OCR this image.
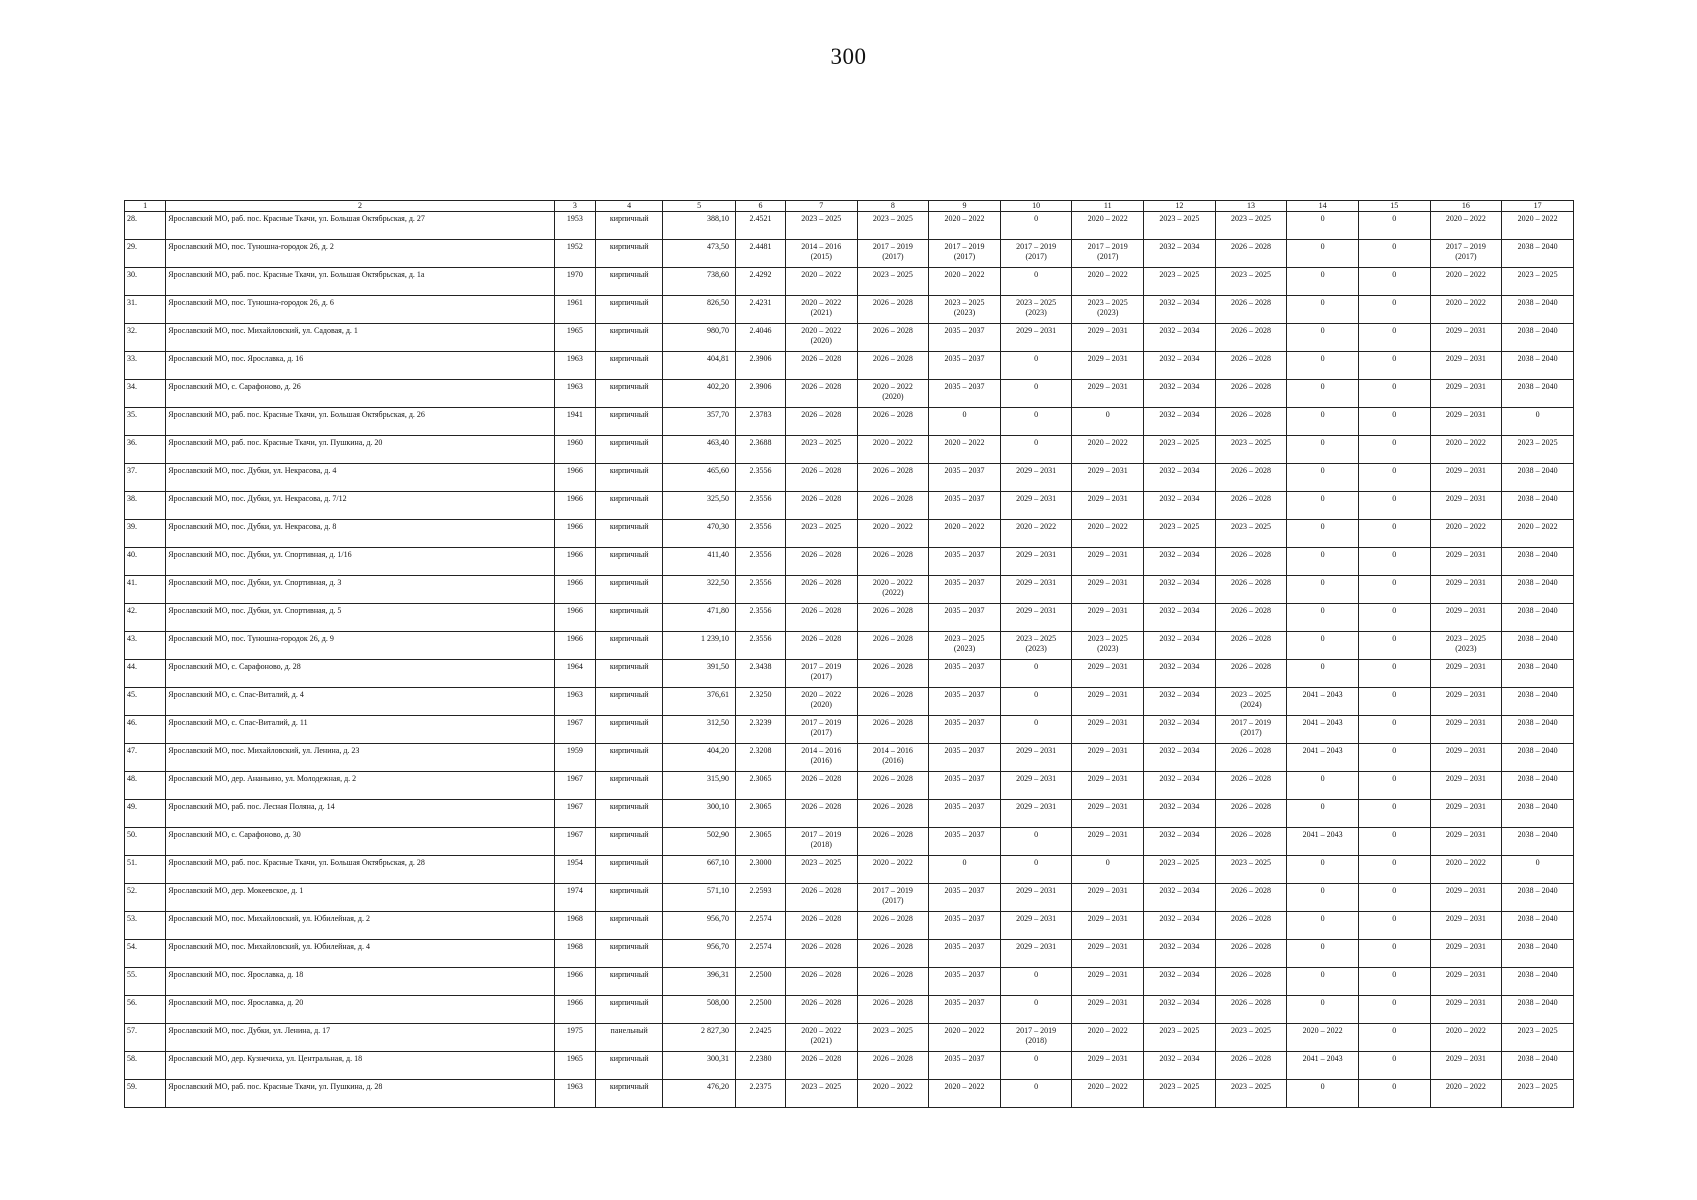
300
1	2	3	4	5	6	7	8	9	10	11	12	13	14	15	16	17
28.	Ярославский МО, раб. пос. Красные Ткачи, ул. Большая Октябрьская, д. 27	1953	кирпичный	388,10	2.4521	2023 – 2025	2023 – 2025	2020 – 2022	0	2020 – 2022	2023 – 2025	2023 – 2025	0	0	2020 – 2022	2020 – 2022
29.	Ярославский МО, пос. Туношна-городок 26, д. 2	1952	кирпичный	473,50	2.4481	2014 – 2016
(2015)	2017 – 2019
(2017)	2017 – 2019
(2017)	2017 – 2019
(2017)	2017 – 2019
(2017)	2032 – 2034	2026 – 2028	0	0	2017 – 2019
(2017)	2038 – 2040
30.	Ярославский МО, раб. пос. Красные Ткачи, ул. Большая Октябрьская, д. 1а	1970	кирпичный	738,60	2.4292	2020 – 2022	2023 – 2025	2020 – 2022	0	2020 – 2022	2023 – 2025	2023 – 2025	0	0	2020 – 2022	2023 – 2025
31.	Ярославский МО, пос. Туношна-городок 26, д. 6	1961	кирпичный	826,50	2.4231	2020 – 2022
(2021)	2026 – 2028	2023 – 2025
(2023)	2023 – 2025
(2023)	2023 – 2025
(2023)	2032 – 2034	2026 – 2028	0	0	2020 – 2022	2038 – 2040
32.	Ярославский МО, пос. Михайловский, ул. Садовая, д. 1	1965	кирпичный	980,70	2.4046	2020 – 2022
(2020)	2026 – 2028	2035 – 2037	2029 – 2031	2029 – 2031	2032 – 2034	2026 – 2028	0	0	2029 – 2031	2038 – 2040
33.	Ярославский МО, пос. Ярославка, д. 16	1963	кирпичный	404,81	2.3906	2026 – 2028	2026 – 2028	2035 – 2037	0	2029 – 2031	2032 – 2034	2026 – 2028	0	0	2029 – 2031	2038 – 2040
34.	Ярославский МО, с. Сарафоново, д. 26	1963	кирпичный	402,20	2.3906	2026 – 2028	2020 – 2022
(2020)	2035 – 2037	0	2029 – 2031	2032 – 2034	2026 – 2028	0	0	2029 – 2031	2038 – 2040
35.	Ярославский МО, раб. пос. Красные Ткачи, ул. Большая Октябрьская, д. 26	1941	кирпичный	357,70	2.3783	2026 – 2028	2026 – 2028	0	0	0	2032 – 2034	2026 – 2028	0	0	2029 – 2031	0
36.	Ярославский МО, раб. пос. Красные Ткачи, ул. Пушкина, д. 20	1960	кирпичный	463,40	2.3688	2023 – 2025	2020 – 2022	2020 – 2022	0	2020 – 2022	2023 – 2025	2023 – 2025	0	0	2020 – 2022	2023 – 2025
37.	Ярославский МО, пос. Дубки, ул. Некрасова, д. 4	1966	кирпичный	465,60	2.3556	2026 – 2028	2026 – 2028	2035 – 2037	2029 – 2031	2029 – 2031	2032 – 2034	2026 – 2028	0	0	2029 – 2031	2038 – 2040
38.	Ярославский МО, пос. Дубки, ул. Некрасова, д. 7/12	1966	кирпичный	325,50	2.3556	2026 – 2028	2026 – 2028	2035 – 2037	2029 – 2031	2029 – 2031	2032 – 2034	2026 – 2028	0	0	2029 – 2031	2038 – 2040
39.	Ярославский МО, пос. Дубки, ул. Некрасова, д. 8	1966	кирпичный	470,30	2.3556	2023 – 2025	2020 – 2022	2020 – 2022	2020 – 2022	2020 – 2022	2023 – 2025	2023 – 2025	0	0	2020 – 2022	2020 – 2022
40.	Ярославский МО, пос. Дубки, ул. Спортивная, д. 1/16	1966	кирпичный	411,40	2.3556	2026 – 2028	2026 – 2028	2035 – 2037	2029 – 2031	2029 – 2031	2032 – 2034	2026 – 2028	0	0	2029 – 2031	2038 – 2040
41.	Ярославский МО, пос. Дубки, ул. Спортивная, д. 3	1966	кирпичный	322,50	2.3556	2026 – 2028	2020 – 2022
(2022)	2035 – 2037	2029 – 2031	2029 – 2031	2032 – 2034	2026 – 2028	0	0	2029 – 2031	2038 – 2040
42.	Ярославский МО, пос. Дубки, ул. Спортивная, д. 5	1966	кирпичный	471,80	2.3556	2026 – 2028	2026 – 2028	2035 – 2037	2029 – 2031	2029 – 2031	2032 – 2034	2026 – 2028	0	0	2029 – 2031	2038 – 2040
43.	Ярославский МО, пос. Туношна-городок 26, д. 9	1966	кирпичный	1 239,10	2.3556	2026 – 2028	2026 – 2028	2023 – 2025
(2023)	2023 – 2025
(2023)	2023 – 2025
(2023)	2032 – 2034	2026 – 2028	0	0	2023 – 2025
(2023)	2038 – 2040
44.	Ярославский МО, с. Сарафоново, д. 28	1964	кирпичный	391,50	2.3438	2017 – 2019
(2017)	2026 – 2028	2035 – 2037	0	2029 – 2031	2032 – 2034	2026 – 2028	0	0	2029 – 2031	2038 – 2040
45.	Ярославский МО, с. Спас-Виталий, д. 4	1963	кирпичный	376,61	2.3250	2020 – 2022
(2020)	2026 – 2028	2035 – 2037	0	2029 – 2031	2032 – 2034	2023 – 2025
(2024)	2041 – 2043	0	2029 – 2031	2038 – 2040
46.	Ярославский МО, с. Спас-Виталий, д. 11	1967	кирпичный	312,50	2.3239	2017 – 2019
(2017)	2026 – 2028	2035 – 2037	0	2029 – 2031	2032 – 2034	2017 – 2019
(2017)	2041 – 2043	0	2029 – 2031	2038 – 2040
47.	Ярославский МО, пос. Михайловский, ул. Ленина, д. 23	1959	кирпичный	404,20	2.3208	2014 – 2016
(2016)	2014 – 2016
(2016)	2035 – 2037	2029 – 2031	2029 – 2031	2032 – 2034	2026 – 2028	2041 – 2043	0	2029 – 2031	2038 – 2040
48.	Ярославский МО, дер. Ананьино, ул. Молодежная, д. 2	1967	кирпичный	315,90	2.3065	2026 – 2028	2026 – 2028	2035 – 2037	2029 – 2031	2029 – 2031	2032 – 2034	2026 – 2028	0	0	2029 – 2031	2038 – 2040
49.	Ярославский МО, раб. пос. Лесная Поляна, д. 14	1967	кирпичный	300,10	2.3065	2026 – 2028	2026 – 2028	2035 – 2037	2029 – 2031	2029 – 2031	2032 – 2034	2026 – 2028	0	0	2029 – 2031	2038 – 2040
50.	Ярославский МО, с. Сарафоново, д. 30	1967	кирпичный	502,90	2.3065	2017 – 2019
(2018)	2026 – 2028	2035 – 2037	0	2029 – 2031	2032 – 2034	2026 – 2028	2041 – 2043	0	2029 – 2031	2038 – 2040
51.	Ярославский МО, раб. пос. Красные Ткачи, ул. Большая Октябрьская, д. 28	1954	кирпичный	667,10	2.3000	2023 – 2025	2020 – 2022	0	0	0	2023 – 2025	2023 – 2025	0	0	2020 – 2022	0
52.	Ярославский МО, дер. Мокеевское, д. 1	1974	кирпичный	571,10	2.2593	2026 – 2028	2017 – 2019
(2017)	2035 – 2037	2029 – 2031	2029 – 2031	2032 – 2034	2026 – 2028	0	0	2029 – 2031	2038 – 2040
53.	Ярославский МО, пос. Михайловский, ул. Юбилейная, д. 2	1968	кирпичный	956,70	2.2574	2026 – 2028	2026 – 2028	2035 – 2037	2029 – 2031	2029 – 2031	2032 – 2034	2026 – 2028	0	0	2029 – 2031	2038 – 2040
54.	Ярославский МО, пос. Михайловский, ул. Юбилейная, д. 4	1968	кирпичный	956,70	2.2574	2026 – 2028	2026 – 2028	2035 – 2037	2029 – 2031	2029 – 2031	2032 – 2034	2026 – 2028	0	0	2029 – 2031	2038 – 2040
55.	Ярославский МО, пос. Ярославка, д. 18	1966	кирпичный	396,31	2.2500	2026 – 2028	2026 – 2028	2035 – 2037	0	2029 – 2031	2032 – 2034	2026 – 2028	0	0	2029 – 2031	2038 – 2040
56.	Ярославский МО, пос. Ярославка, д. 20	1966	кирпичный	508,00	2.2500	2026 – 2028	2026 – 2028	2035 – 2037	0	2029 – 2031	2032 – 2034	2026 – 2028	0	0	2029 – 2031	2038 – 2040
57.	Ярославский МО, пос. Дубки, ул. Ленина, д. 17	1975	панельный	2 827,30	2.2425	2020 – 2022
(2021)	2023 – 2025	2020 – 2022	2017 – 2019
(2018)	2020 – 2022	2023 – 2025	2023 – 2025	2020 – 2022	0	2020 – 2022	2023 – 2025
58.	Ярославский МО, дер. Кузнечиха, ул. Центральная, д. 18	1965	кирпичный	300,31	2.2380	2026 – 2028	2026 – 2028	2035 – 2037	0	2029 – 2031	2032 – 2034	2026 – 2028	2041 – 2043	0	2029 – 2031	2038 – 2040
59.	Ярославский МО, раб. пос. Красные Ткачи, ул. Пушкина, д. 28	1963	кирпичный	476,20	2.2375	2023 – 2025	2020 – 2022	2020 – 2022	0	2020 – 2022	2023 – 2025	2023 – 2025	0	0	2020 – 2022	2023 – 2025
